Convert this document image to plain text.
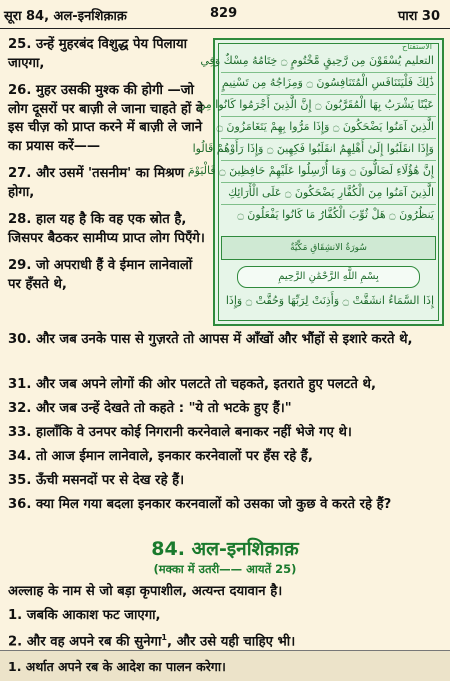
सूरा 84, अल-इनशिक़ाक़	829	पारा 30

25. उन्हें मुहरबंद विशुद्ध पेय पिलाया जाएगा,

26. मुहर उसकी मुश्क की होगी —जो लोग दूसरों पर बाज़ी ले जाना चाहते हों वे इस चीज़ को प्राप्त करने में बाज़ी ले जाने का प्रयास करें——

27. और उसमें 'तसनीम' का मिश्रण होगा,

28. हाल यह है कि वह एक स्रोत है, जिसपर बैठकर सामीप्य प्राप्त लोग पिएँगे।

29. जो अपराधी हैं वे ईमान लानेवालों पर हँसते थे,

الاستفتاح
التعليم يُسْقَوْنَ مِن رَّحِيقٍ مَّخْتُومٍ ۝ خِتَامُهُ مِسْكٌ وَفِي
ذَٰلِكَ فَلْيَتَنَافَسِ الْمُتَنَافِسُونَ ۝ وَمِزَاجُهُ مِن تَسْنِيمٍ
عَيْنًا يَشْرَبُ بِهَا الْمُقَرَّبُونَ ۝ إِنَّ الَّذِينَ أَجْرَمُوا كَانُوا مِنَ
الَّذِينَ آمَنُوا يَضْحَكُونَ ۝ وَإِذَا مَرُّوا بِهِمْ يَتَغَامَزُونَ ۝
وَإِذَا انقَلَبُوا إِلَىٰ أَهْلِهِمُ انقَلَبُوا فَكِهِينَ ۝ وَإِذَا رَأَوْهُمْ قَالُوا
إِنَّ هَٰؤُلَاءِ لَضَالُّونَ ۝ وَمَا أُرْسِلُوا عَلَيْهِمْ حَافِظِينَ ۝ فَالْيَوْمَ
الَّذِينَ آمَنُوا مِنَ الْكُفَّارِ يَضْحَكُونَ ۝ عَلَى الْأَرَائِكِ
يَنظُرُونَ ۝ هَلْ ثُوِّبَ الْكُفَّارُ مَا كَانُوا يَفْعَلُونَ ۝
سُورَةُ الانشِقَاقِ مَكِّيَّةٌ
بِسْمِ اللَّهِ الرَّحْمَٰنِ الرَّحِيمِ
إِذَا السَّمَاءُ انشَقَّتْ ۝ وَأَذِنَتْ لِرَبِّهَا وَحُقَّتْ ۝ وَإِذَا
30. और जब उनके पास से गुज़रते तो आपस में आँखों और भौंहों से इशारे करते थे,
31. और जब अपने लोगों की ओर पलटते तो चहकते, इतराते हुए पलटते थे,
32. और जब उन्हें देखते तो कहते : "ये तो भटके हुए हैं।"
33. हालाँकि वे उनपर कोई निगरानी करनेवाले बनाकर नहीं भेजे गए थे।
34. तो आज ईमान लानेवाले, इनकार करनेवालों पर हँस रहे हैं,
35. ऊँची मसनदों पर से देख रहे हैं।
36. क्या मिल गया बदला इनकार करनवालों को उसका जो कुछ वे करते रहे हैं?
84. अल-इनशिक़ाक़
(मक्का में उतरी—— आयतें 25)
अल्लाह के नाम से जो बड़ा कृपाशील, अत्यन्त दयावान है।
1. जबकि आकाश फट जाएगा,
2. और वह अपने रब की सुनेगा$^1$, और उसे यही चाहिए भी।
1. अर्थात अपने रब के आदेश का पालन करेगा।
